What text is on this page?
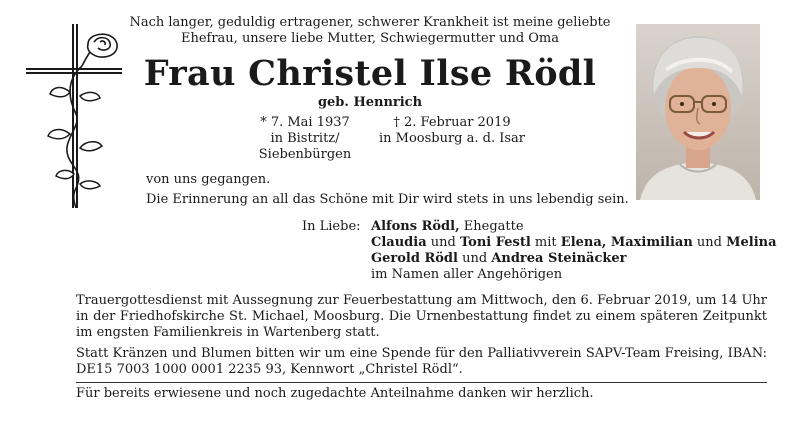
Nach langer, geduldig ertragener, schwerer Krankheit ist meine geliebte
Ehefrau, unsere liebe Mutter, Schwiegermutter und Oma
Frau Christel Ilse Rödl
geb. Hennrich
* 7. Mai 1937
in Bistritz/
Siebenbürgen
† 2. Februar 2019
in Moosburg a. d. Isar
von uns gegangen.
Die Erinnerung an all das Schöne mit Dir wird stets in uns lebendig sein.
In Liebe: Alfons Rödl, Ehegatte
Claudia und Toni Festl mit Elena, Maximilian und Melina
Gerold Rödl und Andrea Steinäcker
im Namen aller Angehörigen
Trauergottesdienst mit Aussegnung zur Feuerbestattung am Mittwoch, den 6. Februar 2019, um 14 Uhr in der Friedhofskirche St. Michael, Moosburg. Die Urnenbestattung findet zu einem späteren Zeitpunkt im engsten Familienkreis in Wartenberg statt.
Statt Kränzen und Blumen bitten wir um eine Spende für den Palliativverein SAPV-Team Freising, IBAN: DE15 7003 1000 0001 2235 93, Kennwort „Christel Rödl“.
Für bereits erwiesene und noch zugedachte Anteilnahme danken wir herzlich.
